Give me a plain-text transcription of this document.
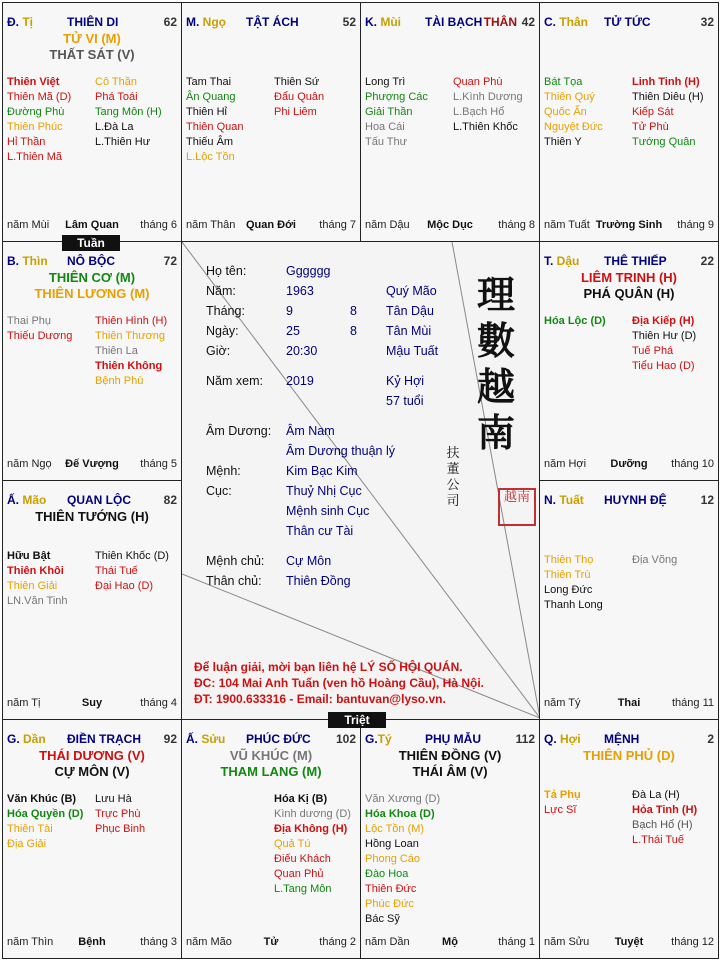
Họ tên:	Gggggg
Năm:	1963	Quý Mão
Tháng:	9	8 Tân Dậu
Ngày:	25	8 Tân Mùi
Giờ:	20:30	Mậu Tuất
Năm xem: 2019	Kỷ Hợi
57 tuổi
Âm Dương: Âm Nam
Âm Dương thuận lý
Mệnh:	Kim Bạc Kim
Cục:	Thuỷ Nhị Cục
Mệnh sinh Cục
Thân cư Tài
Mệnh chủ: Cự Môn
Thân chủ: Thiên Đồng
Để luận giải, mời bạn liên hệ LÝ SỐ HỘI QUÁN.
ĐC: 104 Mai Anh Tuấn (ven hồ Hoàng Cầu), Hà Nội.
ĐT: 1900.633316 - Email: bantuvan@lyso.vn.
理
數
越
南
扶
董
公
司	越南
Đ. Tị	THIÊN DI	62
TỬ VI (M)
THẤT SÁT (V)
Thiên Việt
Thiên Mã (D)
Đường Phù
Thiên Phúc
Hỉ Thần
L.Thiên Mã
Cô Thần
Phá Toái
Tang Môn (H)
L.Đà La
L.Thiên Hư
năm Mùi	Lâm Quan	tháng 6
M. Ngọ TẬT ÁCH	52
Tam Thai
Ân Quang
Thiên Hỉ
Thiên Quan
Thiếu Âm
L.Lộc Tồn
Thiên Sứ
Đẩu Quân
Phi Liêm
năm Thân Quan Đới	tháng 7
K. Mùi TÀI BẠCH THÂN 42
Long Trì
Phượng Các
Giải Thần
Hoa Cái
Tấu Thư
Quan Phù
L.Kình Dương
L.Bạch Hổ
L.Thiên Khốc
năm Dậu	Mộc Dục	tháng 8
C. Thân TỬ TỨC	32
Bát Tọa
Thiên Quý
Quốc Ấn
Nguyệt Đức
Thiên Y
Linh Tinh (H)
Thiên Diêu (H)
Kiếp Sát
Tử Phù
Tướng Quân
năm Tuất Trường Sinh	tháng 9
T. Dậu THÊ THIẾP	22
LIÊM TRINH (H)
PHÁ QUÂN (H)
Hóa Lộc (D) Địa Kiếp (H)
Thiên Hư (D)
Tuế Phá
Tiểu Hao (D)
năm Hợi	Dưỡng	tháng 10
N. Tuất HUYNH ĐỆ	12
Thiên Thọ
Thiên Trù
Long Đức
Thanh Long
Địa Võng
năm Tý	Thai	tháng 11
Q. Hợi MỆNH	2
THIÊN PHỦ (D)
Tả Phụ
Lực Sĩ
Đà La (H)
Hỏa Tinh (H)
Bạch Hổ (H)
L.Thái Tuế
năm Sửu	Tuyệt	tháng 12
G.Tý	PHỤ MẪU	112
THIÊN ĐỒNG (V)
THÁI ÂM (V)
Văn Xương (D)
Hóa Khoa (D)
Lộc Tồn (M)
Hồng Loan
Phong Cáo
Đào Hoa
Thiên Đức
Phúc Đức
Bác Sỹ
năm Dần	Mộ	tháng 1
Ấ. Sửu PHÚC ĐỨC 102
VŨ KHÚC (M)
THAM LANG (M)
Hóa Kị (B)
Kình dương (D)
Địa Không (H)
Quả Tú
Điếu Khách
Quan Phủ
L.Tang Môn
năm Mão	Tử	tháng 2
G. Dần ĐIỀN TRẠCH 92
THÁI DƯƠNG (V)
CỰ MÔN (V)
Văn Khúc (B)
Hóa Quyền (D)
Thiên Tài
Địa Giải
Lưu Hà
Trực Phù
Phục Binh
năm Thìn	Bệnh	tháng 3
Ấ. Mão QUAN LỘC	82
THIÊN TƯỚNG (H)
Hữu Bật
Thiên Khôi
Thiên Giải
LN.Văn Tinh
Thiên Khốc (D)
Thái Tuế
Đại Hao (D)
năm Tị	Suy	tháng 4
B. Thìn NÔ BỘC	72
THIÊN CƠ (M)
THIÊN LƯƠNG (M)
Thai Phụ
Thiếu Dương
Thiên Hình (H)
Thiên Thương
Thiên La
Thiên Không
Bệnh Phù
năm Ngọ	Đế Vượng	tháng 5
Tuần
Triệt
